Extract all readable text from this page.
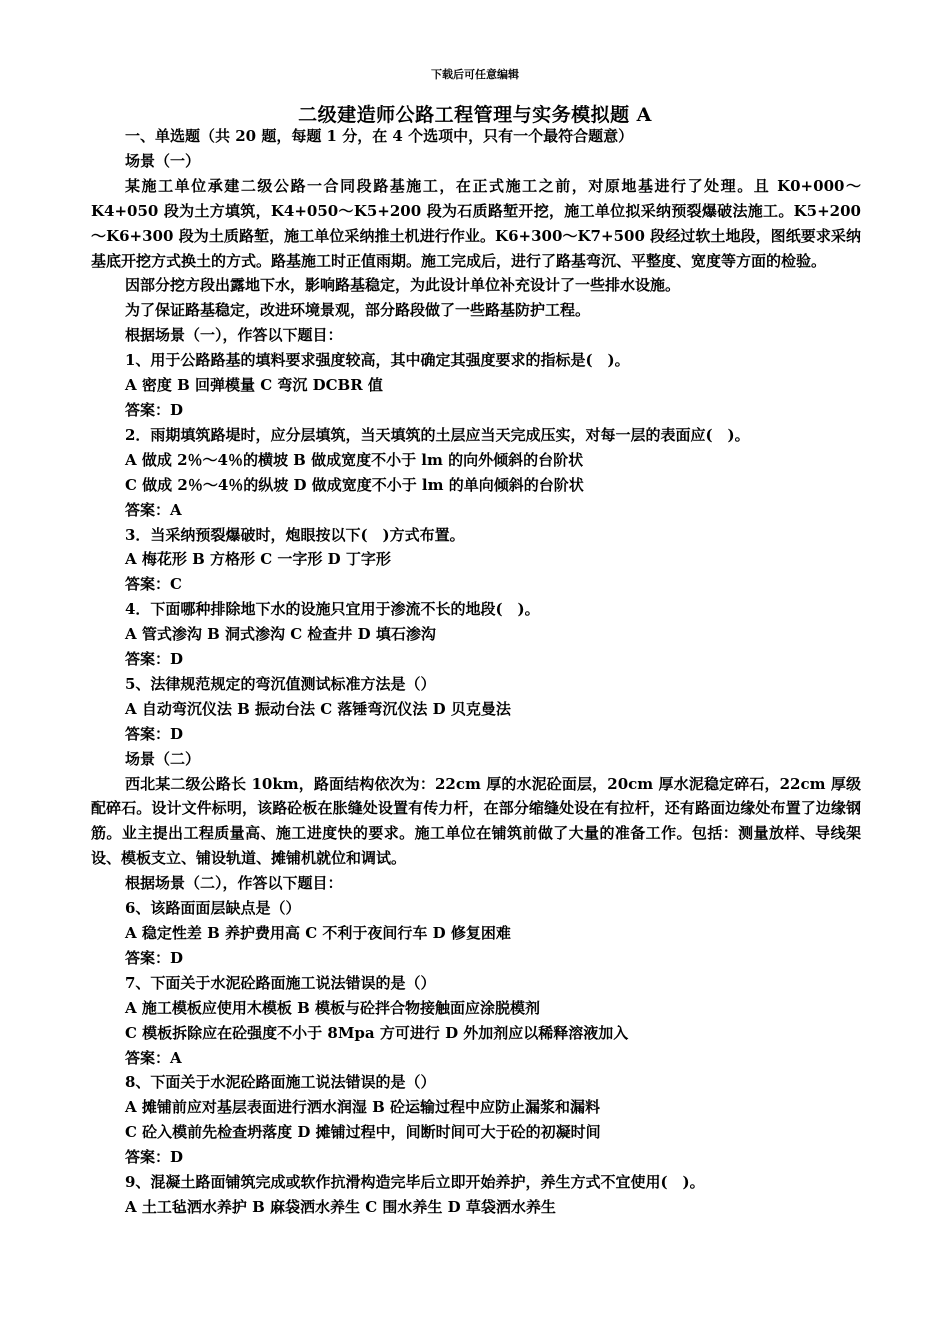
下载后可任意编辑
二级建造师公路工程管理与实务模拟题 A

一、单选题（共 20 题，每题 1 分，在 4 个选项中，只有一个最符合题意）

场景（一）

某施工单位承建二级公路一合同段路基施工，在正式施工之前，对原地基进行了处理。且 K0+000～K4+050 段为土方填筑，K4+050～K5+200 段为石质路堑开挖，施工单位拟采纳预裂爆破法施工。K5+200～K6+300 段为土质路堑，施工单位采纳推土机进行作业。K6+300～K7+500 段经过软土地段，图纸要求采纳基底开挖方式换土的方式。路基施工时正值雨期。施工完成后，进行了路基弯沉、平整度、宽度等方面的检验。

因部分挖方段出露地下水，影响路基稳定，为此设计单位补充设计了一些排水设施。

为了保证路基稳定，改进环境景观，部分路段做了一些路基防护工程。

根据场景（一），作答以下题目：

1、用于公路路基的填料要求强度较高，其中确定其强度要求的指标是(　)。

A 密度 B 回弹模量 C 弯沉 DCBR 值

答案：D

2．雨期填筑路堤时，应分层填筑，当天填筑的土层应当天完成压实，对每一层的表面应(　)。

A 做成 2％～4％的横坡 B 做成宽度不小于 lm 的向外倾斜的台阶状

C 做成 2％～4％的纵坡 D 做成宽度不小于 lm 的单向倾斜的台阶状

答案：A

3．当采纳预裂爆破时，炮眼按以下(　)方式布置。

A 梅花形 B 方格形 C 一字形 D 丁字形

答案：C

4．下面哪种排除地下水的设施只宜用于渗流不长的地段(　)。

A 管式渗沟 B 洞式渗沟 C 检查井 D 填石渗沟

答案：D

5、法律规范规定的弯沉值测试标准方法是（）

A 自动弯沉仪法 B 振动台法 C 落锤弯沉仪法 D 贝克曼法

答案：D

场景（二）

西北某二级公路长 10km，路面结构依次为：22cm 厚的水泥砼面层，20cm 厚水泥稳定碎石，22cm 厚级配碎石。设计文件标明，该路砼板在胀缝处设置有传力杆，在部分缩缝处设在有拉杆，还有路面边缘处布置了边缘钢筋。业主提出工程质量高、施工进度快的要求。施工单位在铺筑前做了大量的准备工作。包括：测量放样、导线架设、模板支立、铺设轨道、摊铺机就位和调试。

根据场景（二），作答以下题目：

6、该路面面层缺点是（）

A 稳定性差 B 养护费用高 C 不利于夜间行车 D 修复困难

答案：D

7、下面关于水泥砼路面施工说法错误的是（）

A 施工模板应使用木模板 B 模板与砼拌合物接触面应涂脱模剂

C 模板拆除应在砼强度不小于 8Mpa 方可进行 D 外加剂应以稀释溶液加入

答案：A

8、下面关于水泥砼路面施工说法错误的是（）

A 摊铺前应对基层表面进行洒水润湿 B 砼运输过程中应防止漏浆和漏料

C 砼入模前先检查坍落度 D 摊铺过程中，间断时间可大于砼的初凝时间

答案：D

9、混凝土路面铺筑完成或软作抗滑构造完毕后立即开始养护，养生方式不宜使用(　)。

A 土工毡洒水养护 B 麻袋洒水养生 C 围水养生 D 草袋洒水养生
